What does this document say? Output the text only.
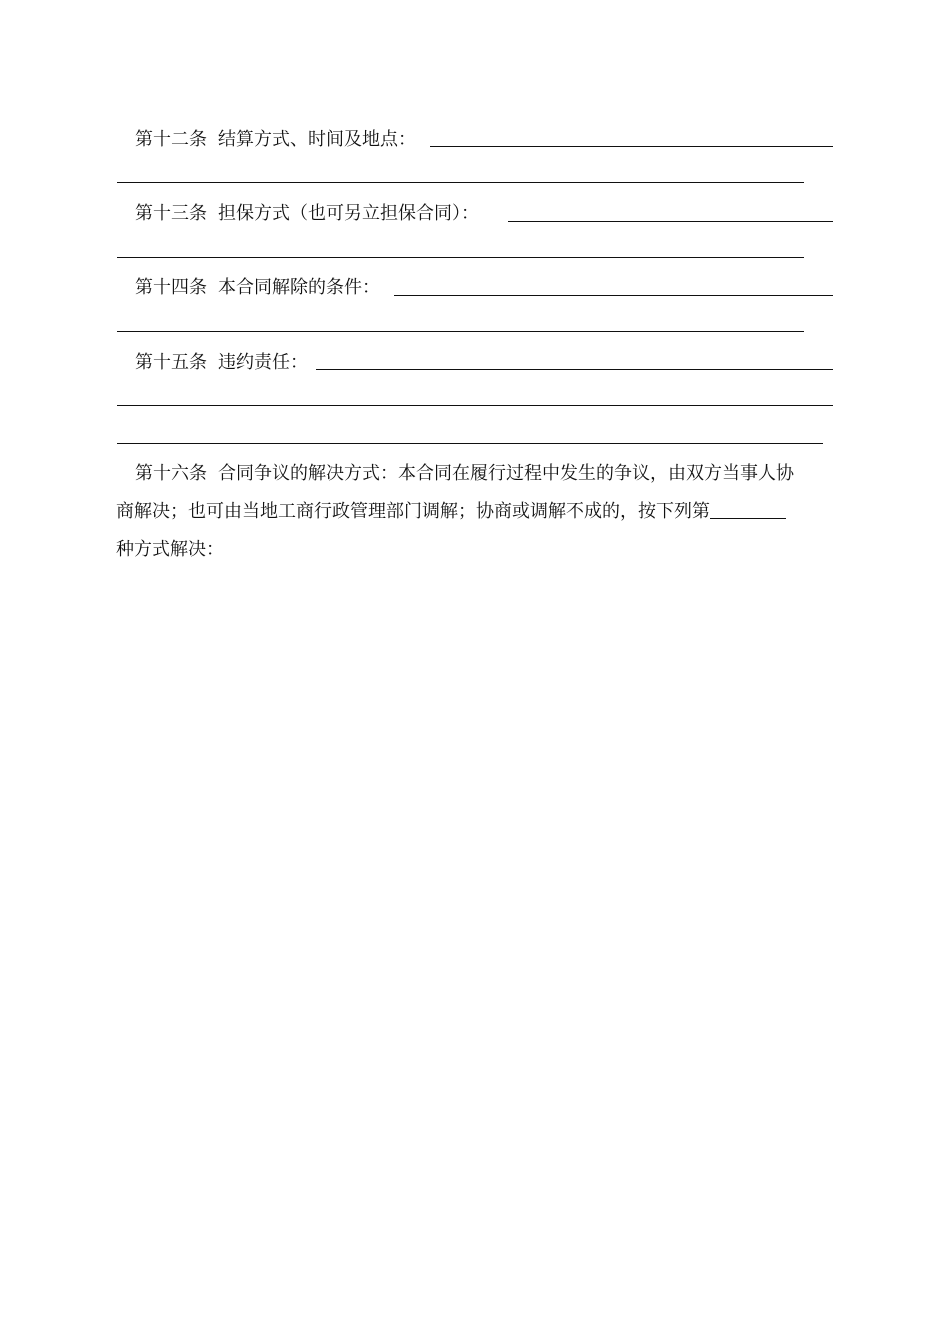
第十二条 结算方式、时间及地点：
第十三条 担保方式（也可另立担保合同）：
第十四条 本合同解除的条件：
第十五条 违约责任：
第十六条 合同争议的解决方式：本合同在履行过程中发生的争议，由双方当事人协
商解决；也可由当地工商行政管理部门调解；协商或调解不成的，按下列第
种方式解决：
